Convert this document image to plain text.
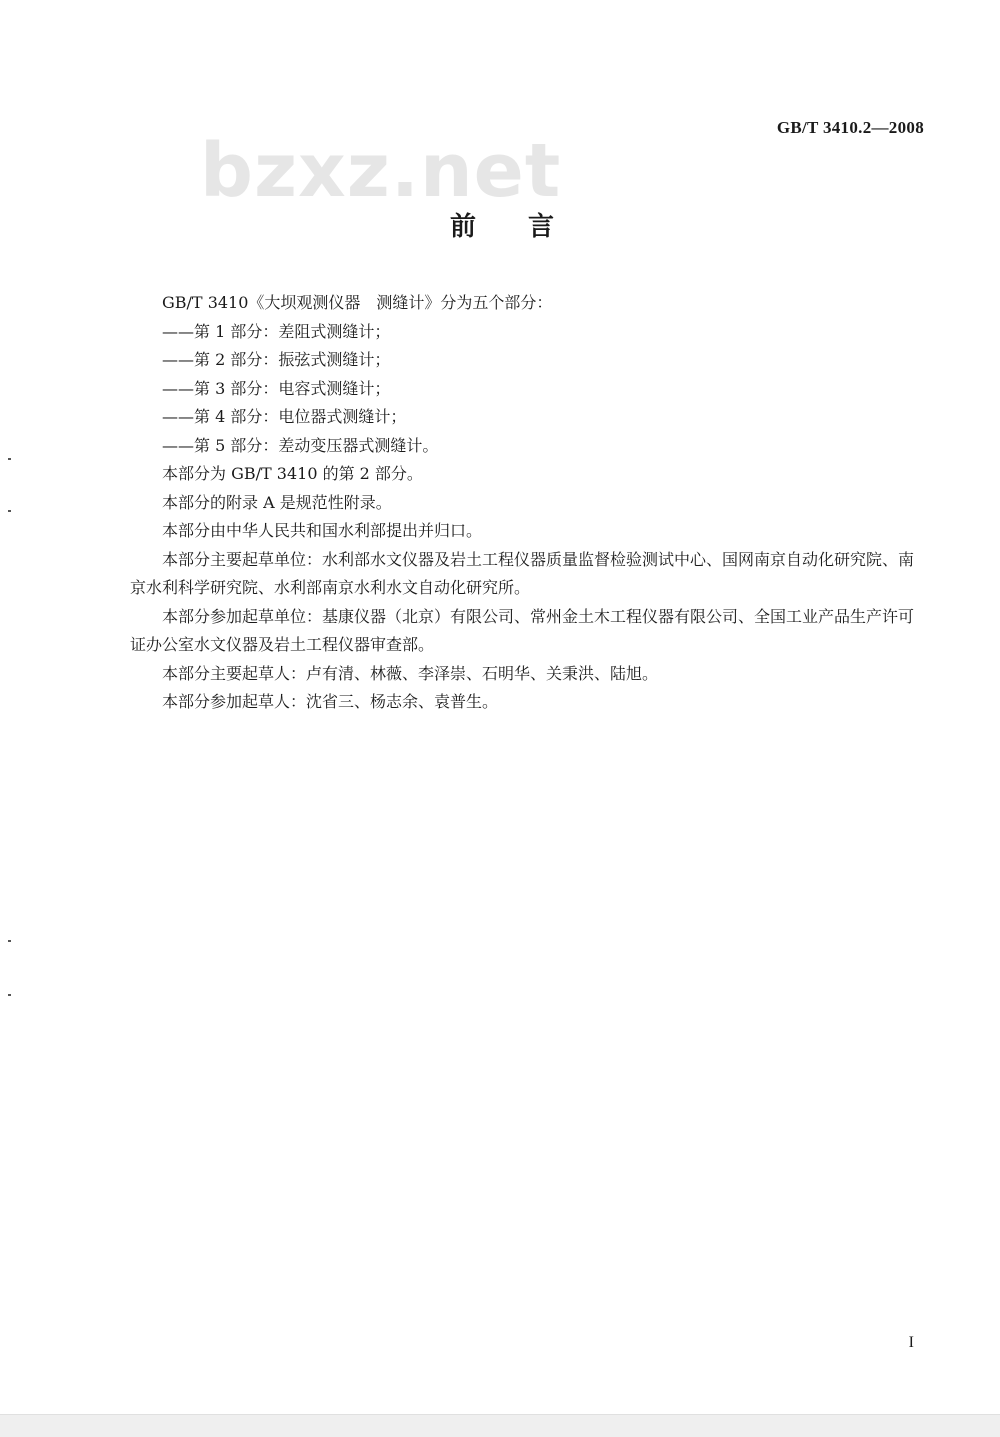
GB/T 3410.2—2008
bzxz.net
前言

GB/T 3410《大坝观测仪器　测缝计》分为五个部分：

——第 1 部分：差阻式测缝计；

——第 2 部分：振弦式测缝计；

——第 3 部分：电容式测缝计；

——第 4 部分：电位器式测缝计；

——第 5 部分：差动变压器式测缝计。

本部分为 GB/T 3410 的第 2 部分。

本部分的附录 A 是规范性附录。

本部分由中华人民共和国水利部提出并归口。

本部分主要起草单位：水利部水文仪器及岩土工程仪器质量监督检验测试中心、国网南京自动化研究院、南京水利科学研究院、水利部南京水利水文自动化研究所。

本部分参加起草单位：基康仪器（北京）有限公司、常州金土木工程仪器有限公司、全国工业产品生产许可证办公室水文仪器及岩土工程仪器审查部。

本部分主要起草人：卢有清、林薇、李泽崇、石明华、关秉洪、陆旭。

本部分参加起草人：沈省三、杨志余、袁普生。

I
